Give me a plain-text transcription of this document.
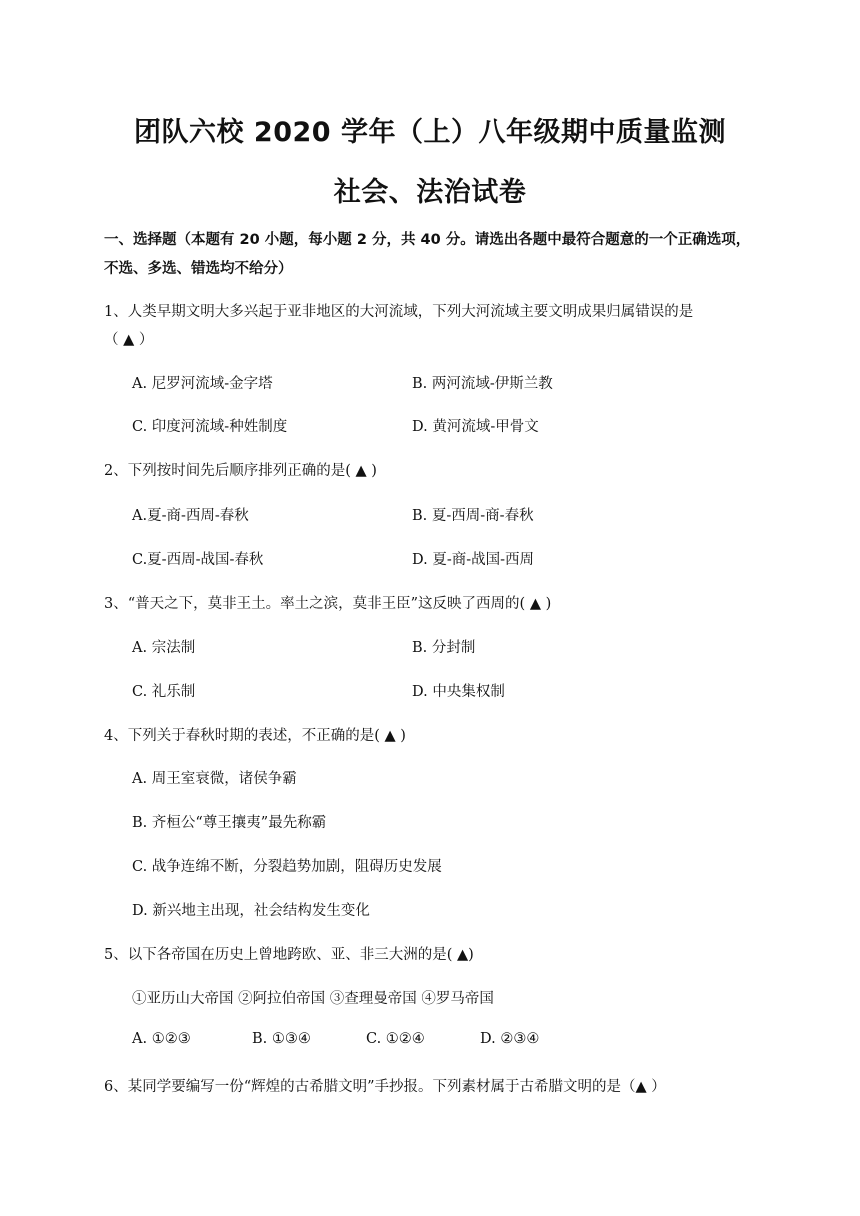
团队六校 2020 学年（上）八年级期中质量监测
社会、法治试卷
一、选择题（本题有 20 小题，每小题 2 分，共 40 分。请选出各题中最符合题意的一个正确选项，
不选、多选、错选均不给分）
1、人类早期文明大多兴起于亚非地区的大河流域，下列大河流域主要文明成果归属错误的是
（ ▲ ）
A. 尼罗河流域-金字塔	B. 两河流域-伊斯兰教
C. 印度河流域-种姓制度	D. 黄河流域-甲骨文
2、下列按时间先后顺序排列正确的是( ▲ )
A.夏-商-西周-春秋	B. 夏-西周-商-春秋
C.夏-西周-战国-春秋	D. 夏-商-战国-西周
3、“普天之下，莫非王土。率土之滨，莫非王臣”这反映了西周的( ▲ )
A. 宗法制	B. 分封制
C. 礼乐制	D. 中央集权制
4、下列关于春秋时期的表述，不正确的是( ▲ )
A. 周王室衰微，诸侯争霸
B. 齐桓公“尊王攘夷”最先称霸
C. 战争连绵不断，分裂趋势加剧，阻碍历史发展
D. 新兴地主出现，社会结构发生变化
5、以下各帝国在历史上曾地跨欧、亚、非三大洲的是( ▲)
①亚历山大帝国 ②阿拉伯帝国 ③查理曼帝国 ④罗马帝国
A. ①②③	B. ①③④	C. ①②④	D. ②③④
6、某同学要编写一份“辉煌的古希腊文明”手抄报。下列素材属于古希腊文明的是（▲ ）
